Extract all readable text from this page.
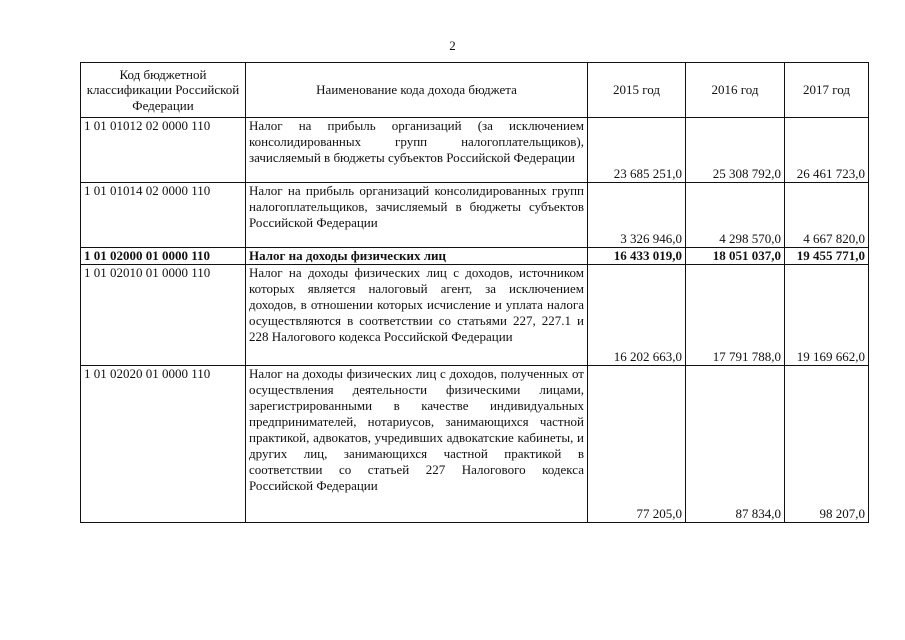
2
Код бюджетной классификации Российской Федерации	Наименование кода дохода бюджета	2015 год	2016 год	2017 год
1 01 01012 02 0000 110	Налог на прибыль организаций (за исключением консолидированных групп налогоплательщиков), зачисляемый в бюджеты субъектов Российской Федерации	23 685 251,0	25 308 792,0	26 461 723,0
1 01 01014 02 0000 110	Налог на прибыль организаций консолидированных групп налогоплательщиков, зачисляемый в бюджеты субъектов Российской Федерации	3 326 946,0	4 298 570,0	4 667 820,0
1 01 02000 01 0000 110	Налог на доходы физических лиц	16 433 019,0	18 051 037,0	19 455 771,0
1 01 02010 01 0000 110	Налог на доходы физических лиц с доходов, источником которых является налоговый агент, за исключением доходов, в отношении которых исчисление и уплата налога осуществляются в соответствии со статьями 227, 227.1 и 228 Налогового кодекса Российской Федерации	16 202 663,0	17 791 788,0	19 169 662,0
1 01 02020 01 0000 110	Налог на доходы физических лиц с доходов, полученных от осуществления деятельности физическими лицами, зарегистрированными в качестве индивидуальных предпринимателей, нотариусов, занимающихся частной практикой, адвокатов, учредивших адвокатские кабинеты, и других лиц, занимающихся частной практикой в соответствии со статьей 227 Налогового кодекса Российской Федерации	77 205,0	87 834,0	98 207,0
